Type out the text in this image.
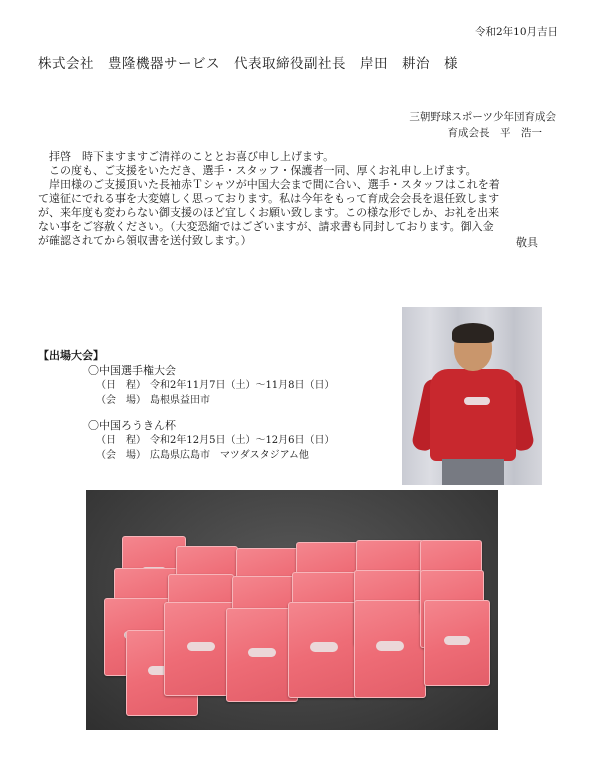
令和2年10月吉日
株式会社　豊隆機器サービス　代表取締役副社長　岸田　耕治　様
三朝野球スポーツ少年団育成会
育成会長　平　浩一
　拝啓　時下ますますご清祥のこととお喜び申し上げます。
　この度も、ご支援をいただき、選手・スタッフ・保護者一同、厚くお礼申し上げます。
　岸田様のご支援頂いた長袖赤Ｔシャツが中国大会まで間に合い、選手・スタッフはこれを着
て遠征にでれる事を大変嬉しく思っております。私は今年をもって育成会会長を退任致します
が、来年度も変わらない御支援のほど宜しくお願い致します。この様な形でしか、お礼を出来
ない事をご容赦ください。（大変恐縮ではございますが、請求書も同封しております。御入金
が確認されてから領収書を送付致します。）	敬具
【出場大会】
〇中国選手権大会
（日　程） 令和2年11月7日（土）～11月8日（日）
（会　場） 島根県益田市
〇中国ろうきん杯
（日　程） 令和2年12月5日（土）～12月6日（日）
（会　場） 広島県広島市　マツダスタジアム他
